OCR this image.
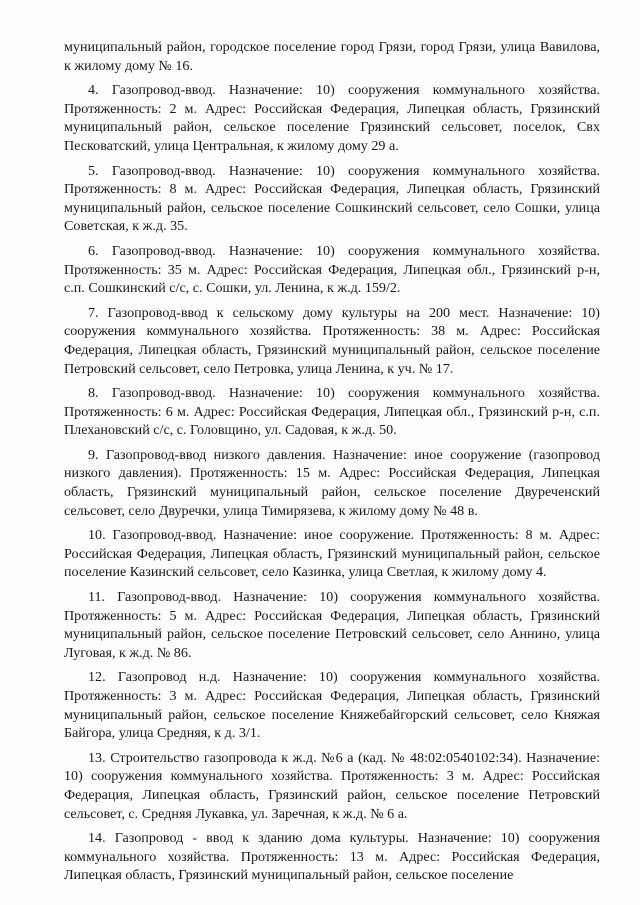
муниципальный район, городское поселение город Грязи, город Грязи, улица Вавилова, к жилому дому № 16.

4. Газопровод-ввод. Назначение: 10) сооружения коммунального хозяйства. Протяженность: 2 м. Адрес: Российская Федерация, Липецкая область, Грязинский муниципальный район, сельское поселение Грязинский сельсовет, поселок, Свх Песковатский, улица Центральная, к жилому дому 29 а.

5. Газопровод-ввод. Назначение: 10) сооружения коммунального хозяйства. Протяженность: 8 м. Адрес: Российская Федерация, Липецкая область, Грязинский муниципальный район, сельское поселение Сошкинский сельсовет, село Сошки, улица Советская, к ж.д. 35.

6. Газопровод-ввод. Назначение: 10) сооружения коммунального хозяйства. Протяженность: 35 м. Адрес: Российская Федерация, Липецкая обл., Грязинский р-н, с.п. Сошкинский с/с, с. Сошки, ул. Ленина, к ж.д. 159/2.

7. Газопровод-ввод к сельскому дому культуры на 200 мест. Назначение: 10) сооружения коммунального хозяйства. Протяженность: 38 м. Адрес: Российская Федерация, Липецкая область, Грязинский муниципальный район, сельское поселение Петровский сельсовет, село Петровка, улица Ленина, к уч. № 17.

8. Газопровод-ввод. Назначение: 10) сооружения коммунального хозяйства. Протяженность: 6 м. Адрес: Российская Федерация, Липецкая обл., Грязинский р-н, с.п. Плехановский с/с, с. Головщино, ул. Садовая, к ж.д. 50.

9. Газопровод-ввод низкого давления. Назначение: иное сооружение (газопровод низкого давления). Протяженность: 15 м. Адрес: Российская Федерация, Липецкая область, Грязинский муниципальный район, сельское поселение Двуреченский сельсовет, село Двуречки, улица Тимирязева, к жилому дому № 48 в.

10. Газопровод-ввод. Назначение: иное сооружение. Протяженность: 8 м. Адрес: Российская Федерация, Липецкая область, Грязинский муниципальный район, сельское поселение Казинский сельсовет, село Казинка, улица Светлая, к жилому дому 4.

11. Газопровод-ввод. Назначение: 10) сооружения коммунального хозяйства. Протяженность: 5 м. Адрес: Российская Федерация, Липецкая область, Грязинский муниципальный район, сельское поселение Петровский сельсовет, село Аннино, улица Луговая, к ж.д. № 86.

12. Газопровод н.д. Назначение: 10) сооружения коммунального хозяйства. Протяженность: 3 м. Адрес: Российская Федерация, Липецкая область, Грязинский муниципальный район, сельское поселение Княжебайгорский сельсовет, село Княжая Байгора, улица Средняя, к д. 3/1.

13. Строительство газопровода к ж.д. №6 а (кад. № 48:02:0540102:34). Назначение: 10) сооружения коммунального хозяйства. Протяженность: 3 м. Адрес: Российская Федерация, Липецкая область, Грязинский район, сельское поселение Петровский сельсовет, с. Средняя Лукавка, ул. Заречная, к ж.д. № 6 а.

14. Газопровод - ввод к зданию дома культуры. Назначение: 10) сооружения коммунального хозяйства. Протяженность: 13 м. Адрес: Российская Федерация, Липецкая область, Грязинский муниципальный район, сельское поселение
